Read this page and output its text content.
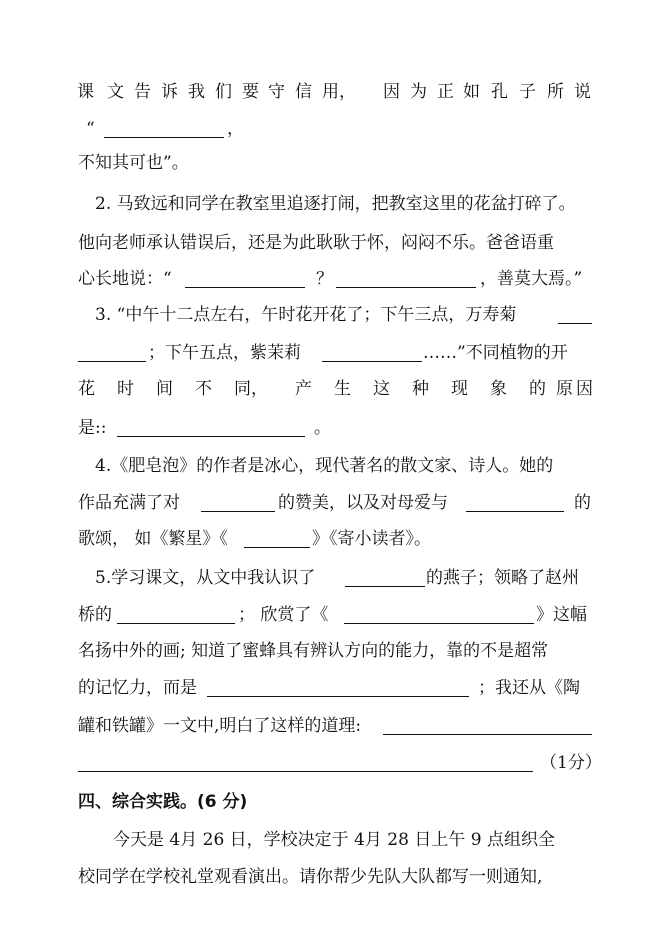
课 文 告 诉 我 们 要 守 信 用， 因 为 正 如 孔 子 所 说
“	，
不知其可也”。
2. 马致远和同学在教室里追逐打闹，把教室这里的花盆打碎了。
他向老师承认错误后，还是为此耿耿于怀，闷闷不乐。爸爸语重
心长地说：“	？	，善莫大焉。”
3. “中午十二点左右，午时花开花了；下午三点，万寿菊
；下午五点，紫茉莉	……”不同植物的开
花 时 间 不 同， 产 生 这 种 现 象 的 原 因
是::	。
4.《肥皂泡》的作者是冰心，现代著名的散文家、诗人。她的
作品充满了对	的赞美，以及对母爱与	的
歌颂， 如《繁星》《	》《寄小读者》。
5.学习课文，从文中我认识了	的燕子；领略了赵州
桥的	； 欣赏了《	》这幅
名扬中外的画; 知道了蜜蜂具有辨认方向的能力，靠的不是超常
的记忆力，而是	；我还从《陶
罐和铁罐》一文中,明白了这样的道理:
（1分）
四、综合实践。(6 分)
今天是 4月 26 日，学校决定于 4月 28 日上午 9 点组织全
校同学在学校礼堂观看演出。请你帮少先队大队都写一则通知,
